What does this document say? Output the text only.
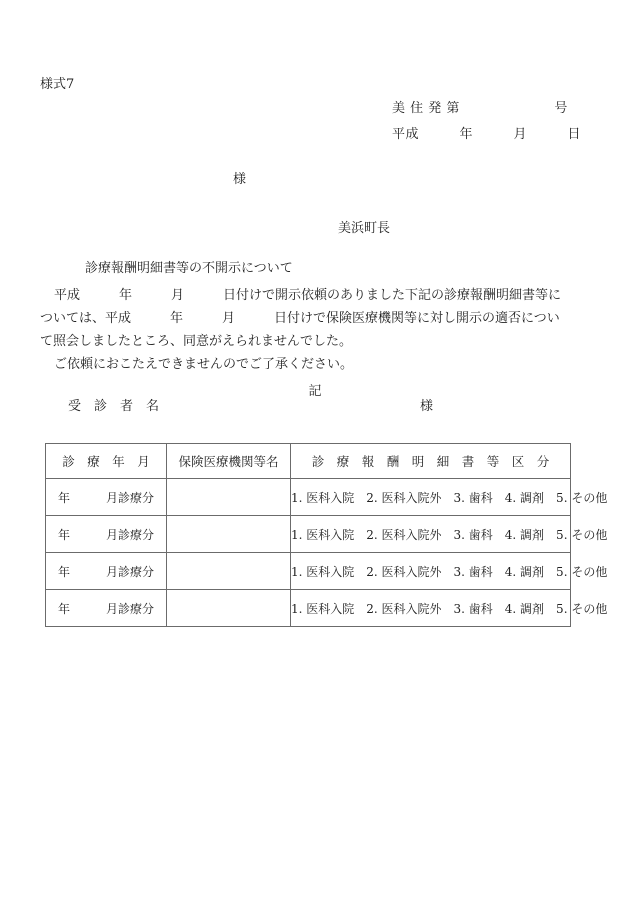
様式7
美 住 発 第　　　　　　　号
平成　　　年　　　月　　　日
様
美浜町長
診療報酬明細書等の不開示について
平成　　　年　　　月　　　日付けで開示依頼のありました下記の診療報酬明細書等に
ついては、平成　　　年　　　月　　　日付けで保険医療機関等に対し開示の適否につい
て照会しましたところ、同意がえられませんでした。
ご依頼におこたえできませんのでご了承ください。
記
受　診　者　名	様
診　療　年　月	保険医療機関等名	診　療　報　酬　明　細　書　等　区　分
年　　　月診療分		1. 医科入院　2. 医科入院外　3. 歯科　4. 調剤　5. その他
年　　　月診療分		1. 医科入院　2. 医科入院外　3. 歯科　4. 調剤　5. その他
年　　　月診療分		1. 医科入院　2. 医科入院外　3. 歯科　4. 調剤　5. その他
年　　　月診療分		1. 医科入院　2. 医科入院外　3. 歯科　4. 調剤　5. その他
